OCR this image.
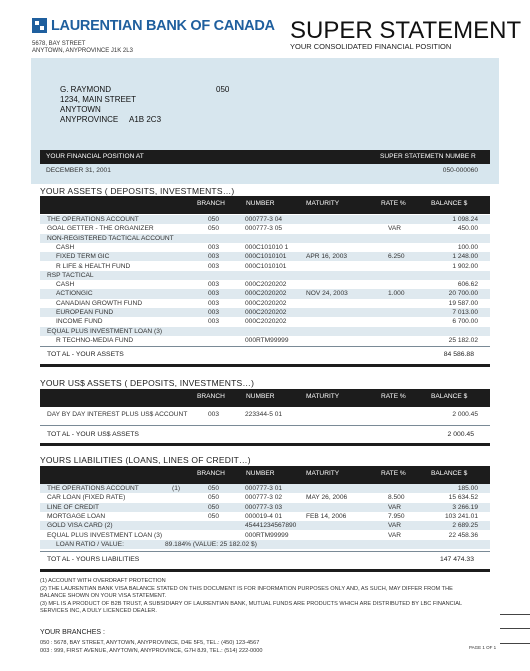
LAURENTIAN BANK OF CANADA
5678, BAY STREET
ANYTOWN, ANYPROVINCE J1K 2L3
SUPER STATEMENT
YOUR CONSOLIDATED FINANCIAL POSITION
G. RAYMOND	050
1234, MAIN STREET
ANYTOWN
ANYPROVINCE A1B 2C3
YOUR FINANCIAL POSITION AT	SUPER STATEMETN NUMBE R
DECEMBER 31, 2001	050-000060
YOUR ASSETS ( DEPOSITS, INVESTMENTS…)
BRANCH	NUMBER	MATURITY	RATE %	BALANCE $
THE OPERATIONS ACCOUNT	050	000777-3 04	1 098.24
GOAL GETTER - THE ORGANIZER	050	000777-3 05	VAR	450.00
NON-REGISTERED TACTICAL ACCOUNT
CASH	003	000C101010 1	100.00
FIXED TERM GIC	003	000C1010101	APR 16, 2003	6.250	1 248.00
R LIFE & HEALTH FUND	003	000C1010101	1 902.00
RSP TACTICAL
CASH	003	000C2020202	606.62
ACTIONGIC	003	000C2020202	NOV 24, 2003	1.000	20 700.00
CANADIAN GROWTH FUND	003	000C2020202	19 587.00
EUROPEAN FUND	003	000C2020202	7 013.00
INCOME FUND	003	000C2020202	6 700.00
EQUAL PLUS INVESTMENT LOAN (3)
R TECHNO-MEDIA FUND	000RTM99999	25 182.02
TOT AL - YOUR ASSETS	84 586.88
YOUR US$ ASSETS ( DEPOSITS, INVESTMENTS…)
BRANCH	NUMBER	MATURITY	RATE %	BALANCE $
DAY BY DAY INTEREST PLUS US$ ACCOUNT	003	223344-5 01	2 000.45
TOT AL - YOUR US$ ASSETS	2 000.45
YOURS LIABILITIES (LOANS, LINES OF CREDIT…)
BRANCH	NUMBER	MATURITY	RATE %	BALANCE $
THE OPERATIONS ACCOUNT	(1)	050	000777-3 01	185.00
CAR LOAN (FIXED RATE)	050	000777-3 02	MAY 26, 2006	8.500	15 634.52
LINE OF CREDIT	050	000777-3 03	VAR	3 266.19
MORTGAGE LOAN	050	000019-4 01	FEB 14, 2006	7.950	103 241.01
GOLD VISA CARD (2)	45441234567890	VAR	2 689.25
EQUAL PLUS INVESTMENT LOAN (3)	000RTM99999	VAR	22 458.36
LOAN RATIO / VALUE:	89.184% (VALUE: 25 182.02 $)
TOT AL - YOURS LIABILITIES	147 474.33
(1) ACCOUNT WITH OVERDRAFT PROTECTION
(2) THE LAURENTIAN BANK VISA BALANCE STATED ON THIS DOCUMENT IS FOR INFORMATION PURPOSES ONLY AND, AS SUCH, MAY DIFFER FROM THE
BALANCE SHOWN ON YOUR VISA STATEMENT.
(3) MFL IS A PRODUCT OF B2B TRUST, A SUBSIDIARY OF LAURENTIAN BANK, MUTUAL FUNDS ARE PRODUCTS WHICH ARE DISTRIBUTED BY LBC FINANCIAL
SERVICES INC, A DULY LICENCED DEALER.
YOUR BRANCHES :
050 : 5678, BAY STREET, ANYTOWN, ANYPROVINCE, D4E 5F5, TEL.: (450) 123-4567
003 : 999, FIRST AVENUE, ANYTOWN, ANYPROVINCE, G7H 8J9, TEL.: (514) 222-0000
PAGE 1 OF 1
